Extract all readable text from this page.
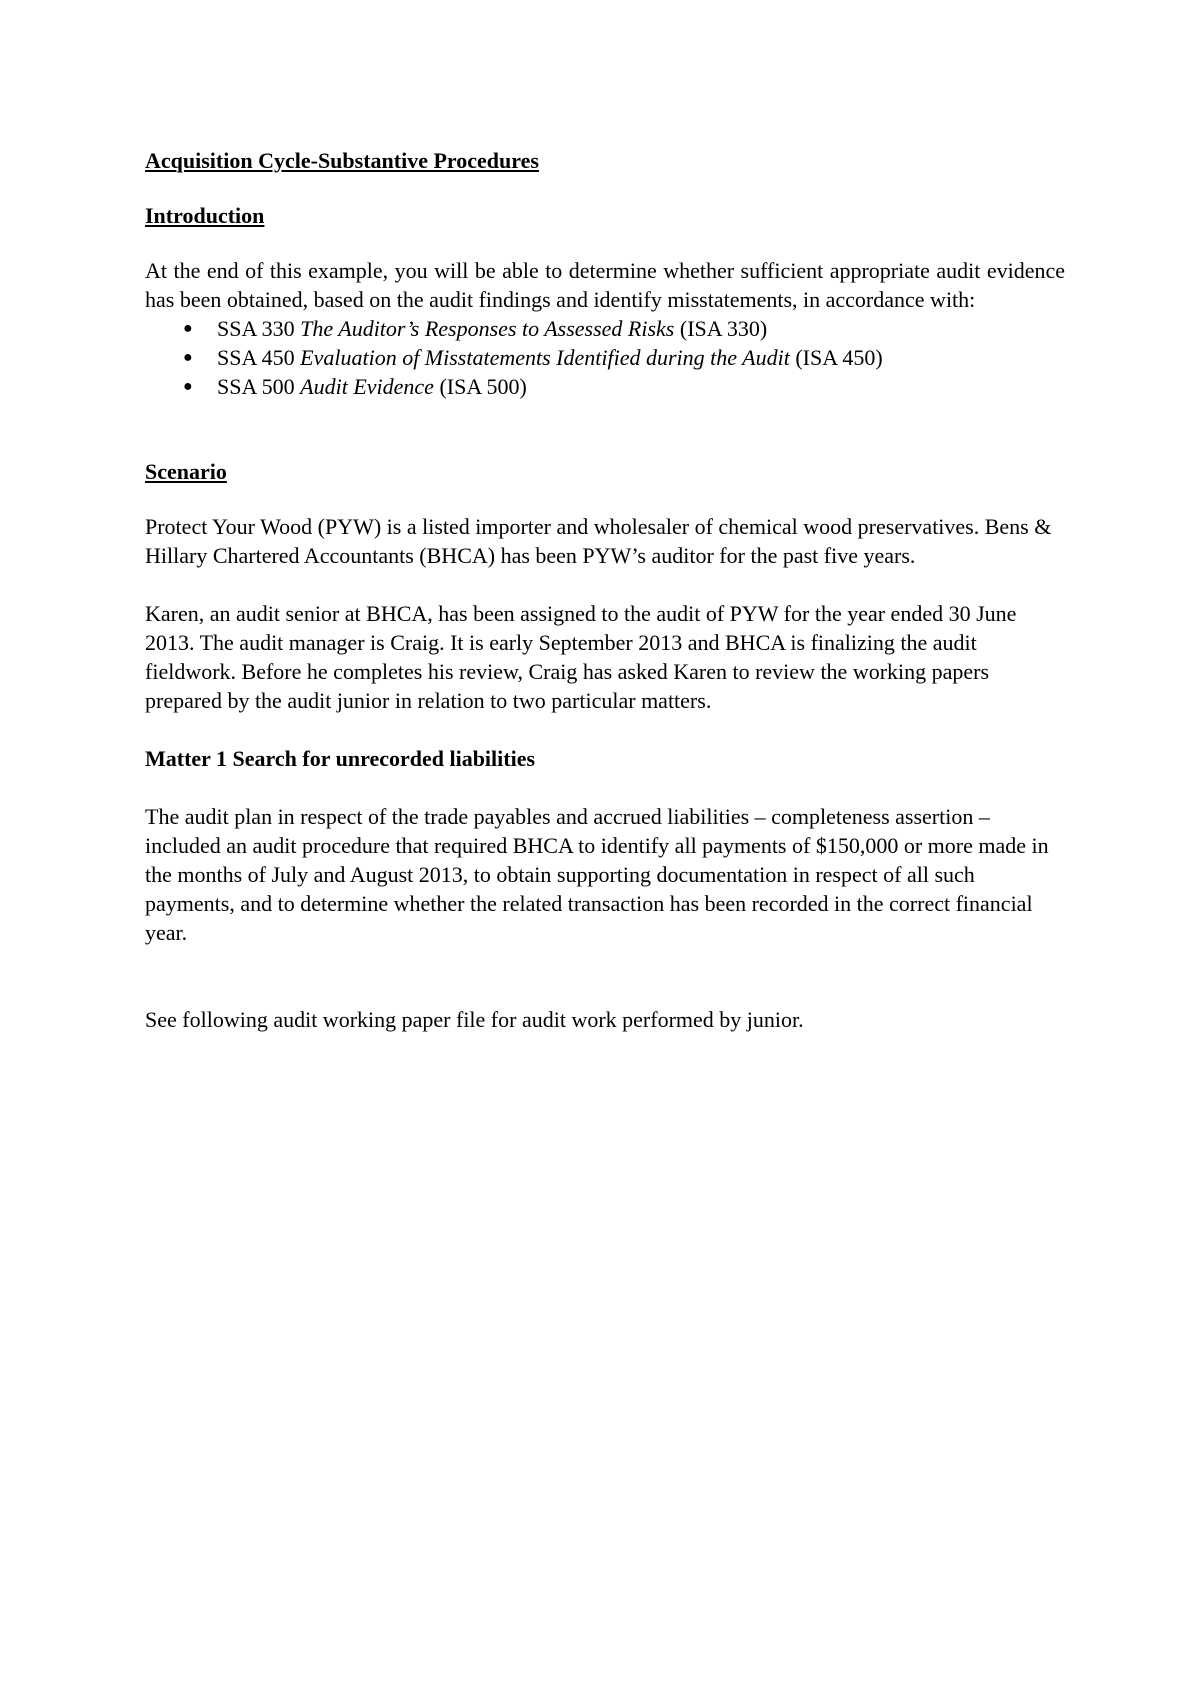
Acquisition Cycle-Substantive Procedures

Introduction

At the end of this example, you will be able to determine whether sufficient appropriate audit evidence has been obtained, based on the audit findings and identify misstatements, in accordance with:

● SSA 330 The Auditor’s Responses to Assessed Risks (ISA 330)
● SSA 450 Evaluation of Misstatements Identified during the Audit (ISA 450)
● SSA 500 Audit Evidence (ISA 500)

Scenario

Protect Your Wood (PYW) is a listed importer and wholesaler of chemical wood preservatives. Bens & Hillary Chartered Accountants (BHCA) has been PYW’s auditor for the past five years.

Karen, an audit senior at BHCA, has been assigned to the audit of PYW for the year ended 30 June 2013. The audit manager is Craig. It is early September 2013 and BHCA is finalizing the audit fieldwork. Before he completes his review, Craig has asked Karen to review the working papers prepared by the audit junior in relation to two particular matters.

Matter 1 Search for unrecorded liabilities

The audit plan in respect of the trade payables and accrued liabilities – completeness assertion – included an audit procedure that required BHCA to identify all payments of $150,000 or more made in the months of July and August 2013, to obtain supporting documentation in respect of all such payments, and to determine whether the related transaction has been recorded in the correct financial year.

See following audit working paper file for audit work performed by junior.
